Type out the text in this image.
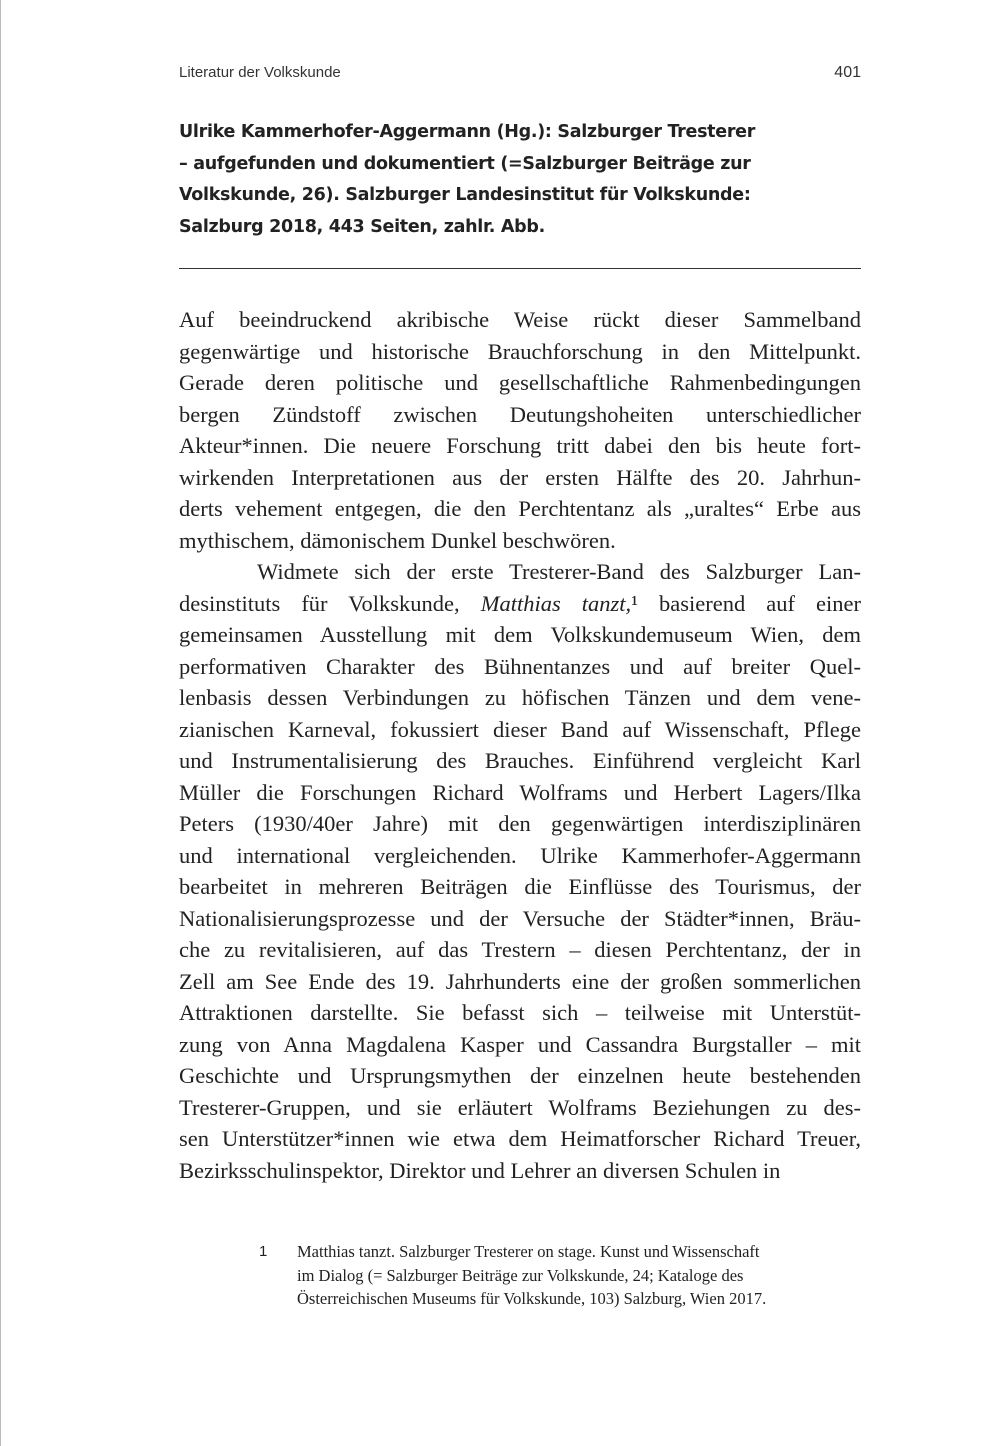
Literatur der Volkskunde	401
Ulrike Kammerhofer-Aggermann (Hg.): Salzburger Tresterer
– aufgefunden und dokumentiert (=Salzburger Beiträge zur
Volkskunde, 26). Salzburger Landesinstitut für Volkskunde:
Salzburg 2018, 443 Seiten, zahlr. Abb.
Auf beeindruckend akribische Weise rückt dieser Sammelband
gegenwärtige und historische Brauchforschung in den Mittelpunkt.
Gerade deren politische und gesellschaftliche Rahmenbedingungen
bergen Zündstoff zwischen Deutungshoheiten unterschiedlicher
Akteur*innen. Die neuere Forschung tritt dabei den bis heute fort-
wirkenden Interpretationen aus der ersten Hälfte des 20. Jahrhun-
derts vehement entgegen, die den Perchtentanz als „uraltes“ Erbe aus
mythischem, dämonischem Dunkel beschwören.
Widmete sich der erste Tresterer-Band des Salzburger Lan-
desinstituts für Volkskunde, Matthias tanzt,¹ basierend auf einer
gemeinsamen Ausstellung mit dem Volkskundemuseum Wien, dem
performativen Charakter des Bühnentanzes und auf breiter Quel-
lenbasis dessen Verbindungen zu höfischen Tänzen und dem vene-
zianischen Karneval, fokussiert dieser Band auf Wissenschaft, Pflege
und Instrumentalisierung des Brauches. Einführend vergleicht Karl
Müller die Forschungen Richard Wolframs und Herbert Lagers/Ilka
Peters (1930/40er Jahre) mit den gegenwärtigen interdisziplinären
und international vergleichenden. Ulrike Kammerhofer-Aggermann
bearbeitet in mehreren Beiträgen die Einflüsse des Tourismus, der
Nationalisierungsprozesse und der Versuche der Städter*innen, Bräu-
che zu revitalisieren, auf das Trestern – diesen Perchtentanz, der in
Zell am See Ende des 19. Jahrhunderts eine der großen sommerlichen
Attraktionen darstellte. Sie befasst sich – teilweise mit Unterstüt-
zung von Anna Magdalena Kasper und Cassandra Burgstaller – mit
Geschichte und Ursprungsmythen der einzelnen heute bestehenden
Tresterer-Gruppen, und sie erläutert Wolframs Beziehungen zu des-
sen Unterstützer*innen wie etwa dem Heimatforscher Richard Treuer,
Bezirksschulinspektor, Direktor und Lehrer an diversen Schulen in
1 Matthias tanzt. Salzburger Tresterer on stage. Kunst und Wissenschaft
im Dialog (= Salzburger Beiträge zur Volkskunde, 24; Kataloge des
Österreichischen Museums für Volkskunde, 103) Salzburg, Wien 2017.
